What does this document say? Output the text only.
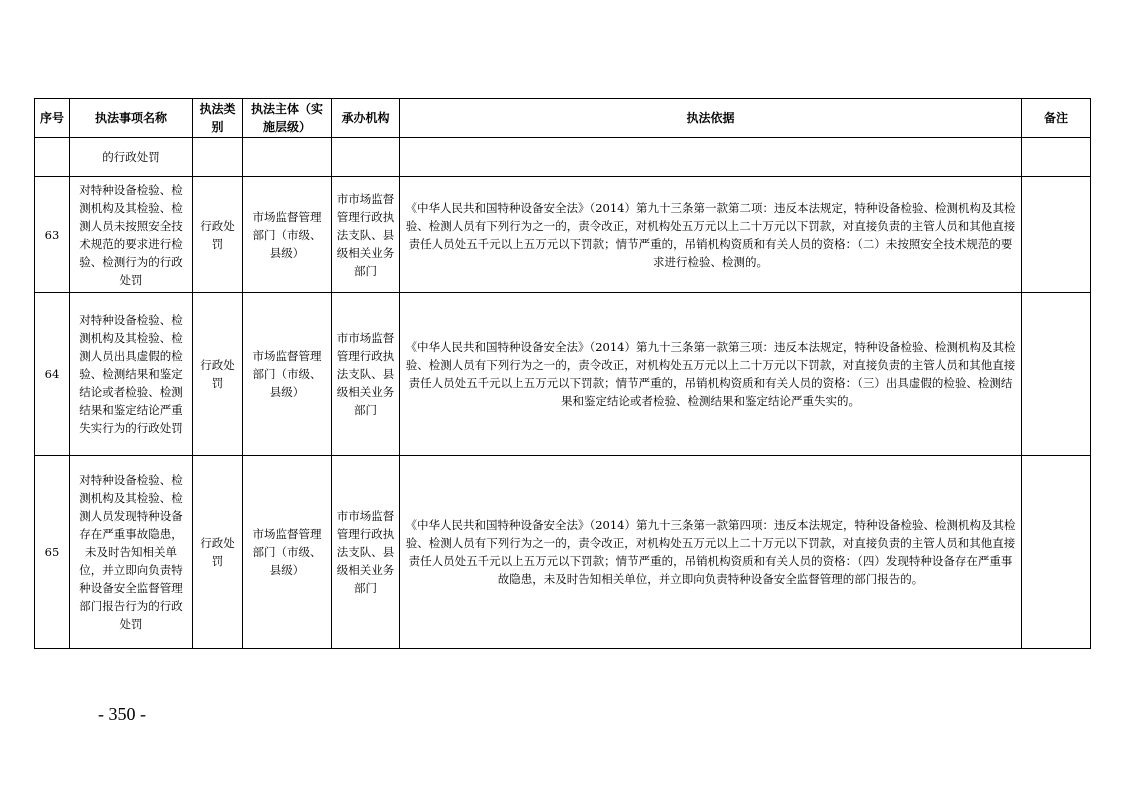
序号	执法事项名称	执法类别	执法主体（实施层级）	承办机构	执法依据	备注
	的行政处罚					
63	对特种设备检验、检测机构及其检验、检测人员未按照安全技术规范的要求进行检验、检测行为的行政处罚	行政处罚	市场监督管理部门（市级、县级）	市市场监督管理行政执法支队、县级相关业务部门	《中华人民共和国特种设备安全法》（2014）第九十三条第一款第二项：违反本法规定，特种设备检验、检测机构及其检验、检测人员有下列行为之一的，责令改正，对机构处五万元以上二十万元以下罚款，对直接负责的主管人员和其他直接责任人员处五千元以上五万元以下罚款；情节严重的，吊销机构资质和有关人员的资格：（二）未按照安全技术规范的要求进行检验、检测的。	
64	对特种设备检验、检测机构及其检验、检测人员出具虚假的检验、检测结果和鉴定结论或者检验、检测结果和鉴定结论严重失实行为的行政处罚	行政处罚	市场监督管理部门（市级、县级）	市市场监督管理行政执法支队、县级相关业务部门	《中华人民共和国特种设备安全法》（2014）第九十三条第一款第三项：违反本法规定，特种设备检验、检测机构及其检验、检测人员有下列行为之一的，责令改正，对机构处五万元以上二十万元以下罚款，对直接负责的主管人员和其他直接责任人员处五千元以上五万元以下罚款；情节严重的，吊销机构资质和有关人员的资格：（三）出具虚假的检验、检测结果和鉴定结论或者检验、检测结果和鉴定结论严重失实的。	
65	对特种设备检验、检测机构及其检验、检测人员发现特种设备存在严重事故隐患，未及时告知相关单位，并立即向负责特种设备安全监督管理部门报告行为的行政处罚	行政处罚	市场监督管理部门（市级、县级）	市市场监督管理行政执法支队、县级相关业务部门	《中华人民共和国特种设备安全法》（2014）第九十三条第一款第四项：违反本法规定，特种设备检验、检测机构及其检验、检测人员有下列行为之一的，责令改正，对机构处五万元以上二十万元以下罚款，对直接负责的主管人员和其他直接责任人员处五千元以上五万元以下罚款；情节严重的，吊销机构资质和有关人员的资格：（四）发现特种设备存在严重事故隐患，未及时告知相关单位，并立即向负责特种设备安全监督管理的部门报告的。	
- 350 -
